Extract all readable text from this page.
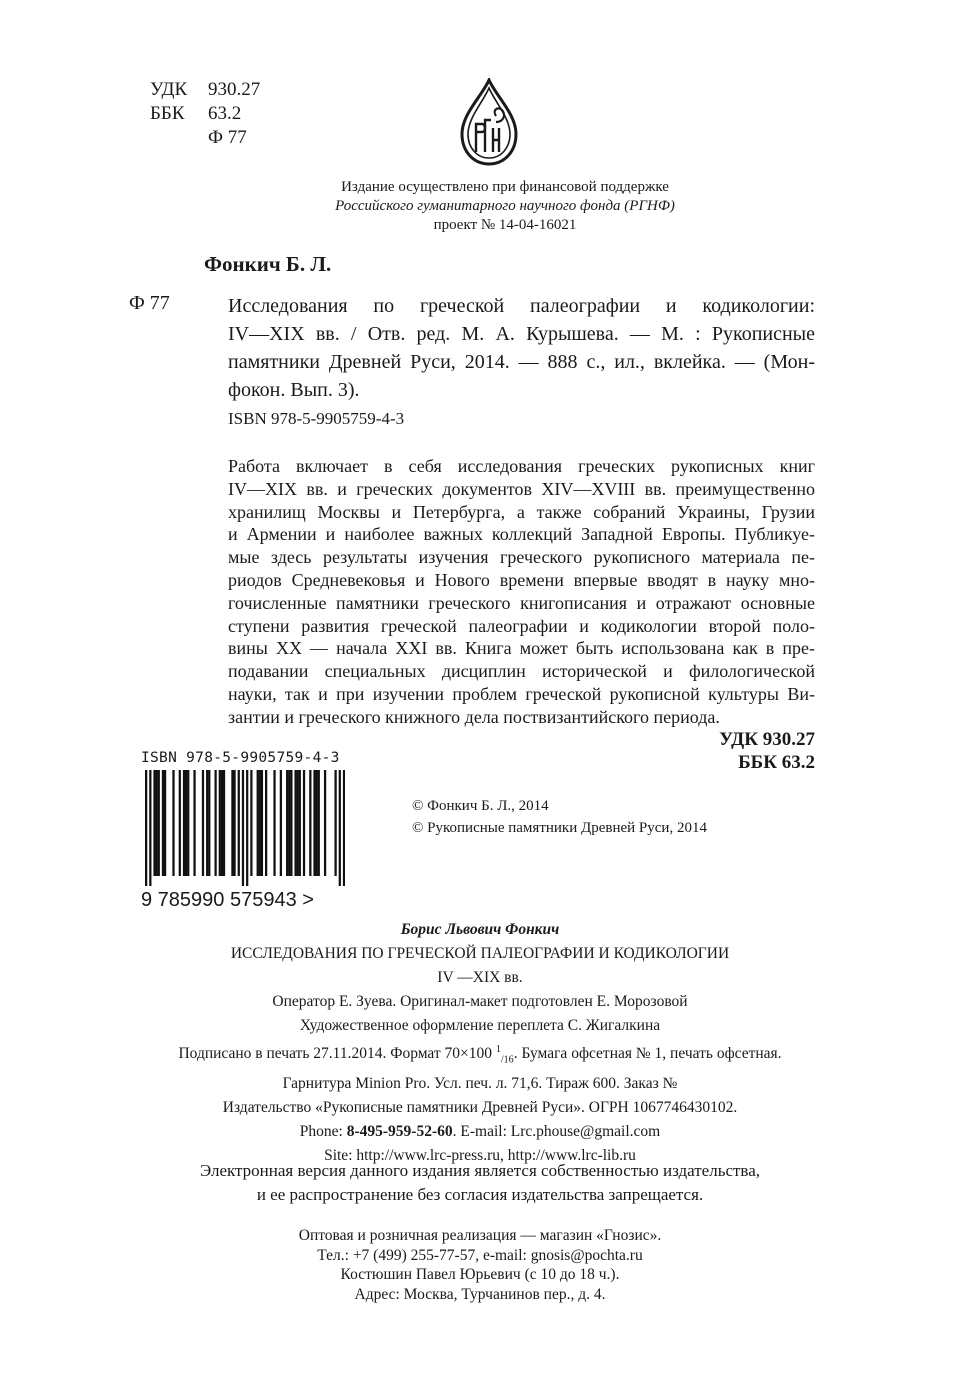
УДК	930.27
ББК	63.2
Ф 77
Издание осуществлено при финансовой поддержке
Российского гуманитарного научного фонда (РГНФ)
проект № 14-04-16021
Фонкич Б. Л.
Ф 77	Исследования по греческой палеографии и кодикологии:
IV—XIX вв. / Отв. ред. М. А. Курышева. — М. : Рукописные
памятники Древней Руси, 2014. — 888 с., ил., вклейка. — (Мон-
фокон. Вып. 3).
ISBN 978-5-9905759-4-3
Работа включает в себя исследования греческих рукописных книг
IV—XIX вв. и греческих документов XIV—XVIII вв. преимущественно
хранилищ Москвы и Петербурга, а также собраний Украины, Грузии
и Армении и наиболее важных коллекций Западной Европы. Публикуе-
мые здесь результаты изучения греческого рукописного материала пе-
риодов Средневековья и Нового времени впервые вводят в науку мно-
гочисленные памятники греческого книгописания и отражают основные
ступени развития греческой палеографии и кодикологии второй поло-
вины XX — начала XXI вв. Книга может быть использована как в пре-
подавании специальных дисциплин исторической и филологической
науки, так и при изучении проблем греческой рукописной культуры Ви-
зантии и греческого книжного дела поствизантийского периода.
УДК 930.27
ББК 63.2
ISBN 978-5-9905759-4-3
9 785990 575943 >
© Фонкич Б. Л., 2014
© Рукописные памятники Древней Руси, 2014
Борис Львович Фонкич
ИССЛЕДОВАНИЯ ПО ГРЕЧЕСКОЙ ПАЛЕОГРАФИИ И КОДИКОЛОГИИ
IV —XIX вв.
Оператор Е. Зуева. Оригинал-макет подготовлен Е. Морозовой
Художественное оформление переплета С. Жигалкина
Подписано в печать 27.11.2014. Формат 70×100 $^1_{/16}$. Бумага офсетная № 1, печать офсетная.
Гарнитура Minion Pro. Усл. печ. л. 71,6. Тираж 600. Заказ №
Издательство «Рукописные памятники Древней Руси». ОГРН 1067746430102.
Phone: 8-495-959-52-60. E-mail: Lrc.phouse@gmail.com
Site: http://www.lrc-press.ru, http://www.lrc-lib.ru
Электронная версия данного издания является собственностью издательства,
и ее распространение без согласия издательства запрещается.
Оптовая и розничная реализация — магазин «Гнозис».
Тел.: +7 (499) 255-77-57, e-mail: gnosis@pochta.ru
Костюшин Павел Юрьевич (с 10 до 18 ч.).
Адрес: Москва, Турчанинов пер., д. 4.
